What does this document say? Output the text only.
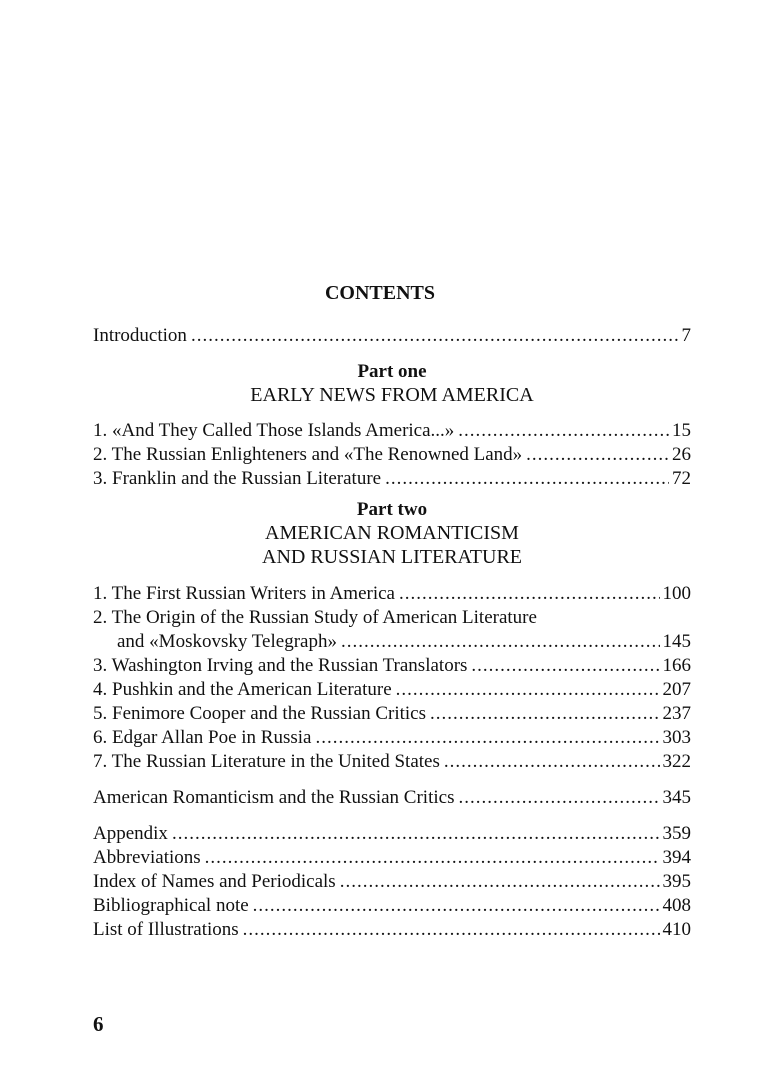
CONTENTS
Introduction .....	7
Part one
EARLY NEWS FROM AMERICA
1. «And They Called Those Islands America...» .....	15
2. The Russian Enlighteners and «The Renowned Land» .....	26
3. Franklin and the Russian Literature .....	72
Part two
AMERICAN ROMANTICISM
AND RUSSIAN LITERATURE
1. The First Russian Writers in America .....	100
2. The Origin of the Russian Study of American Literature
and «Moskovsky Telegraph» .....	145
3. Washington Irving and the Russian Translators .....	166
4. Pushkin and the American Literature .....	207
5. Fenimore Cooper and the Russian Critics .....	237
6. Edgar Allan Poe in Russia .....	303
7. The Russian Literature in the United States .....	322
American Romanticism and the Russian Critics .....	345
Appendix .....	359
Abbreviations .....	394
Index of Names and Periodicals .....	395
Bibliographical note .....	408
List of Illustrations .....	410
6
